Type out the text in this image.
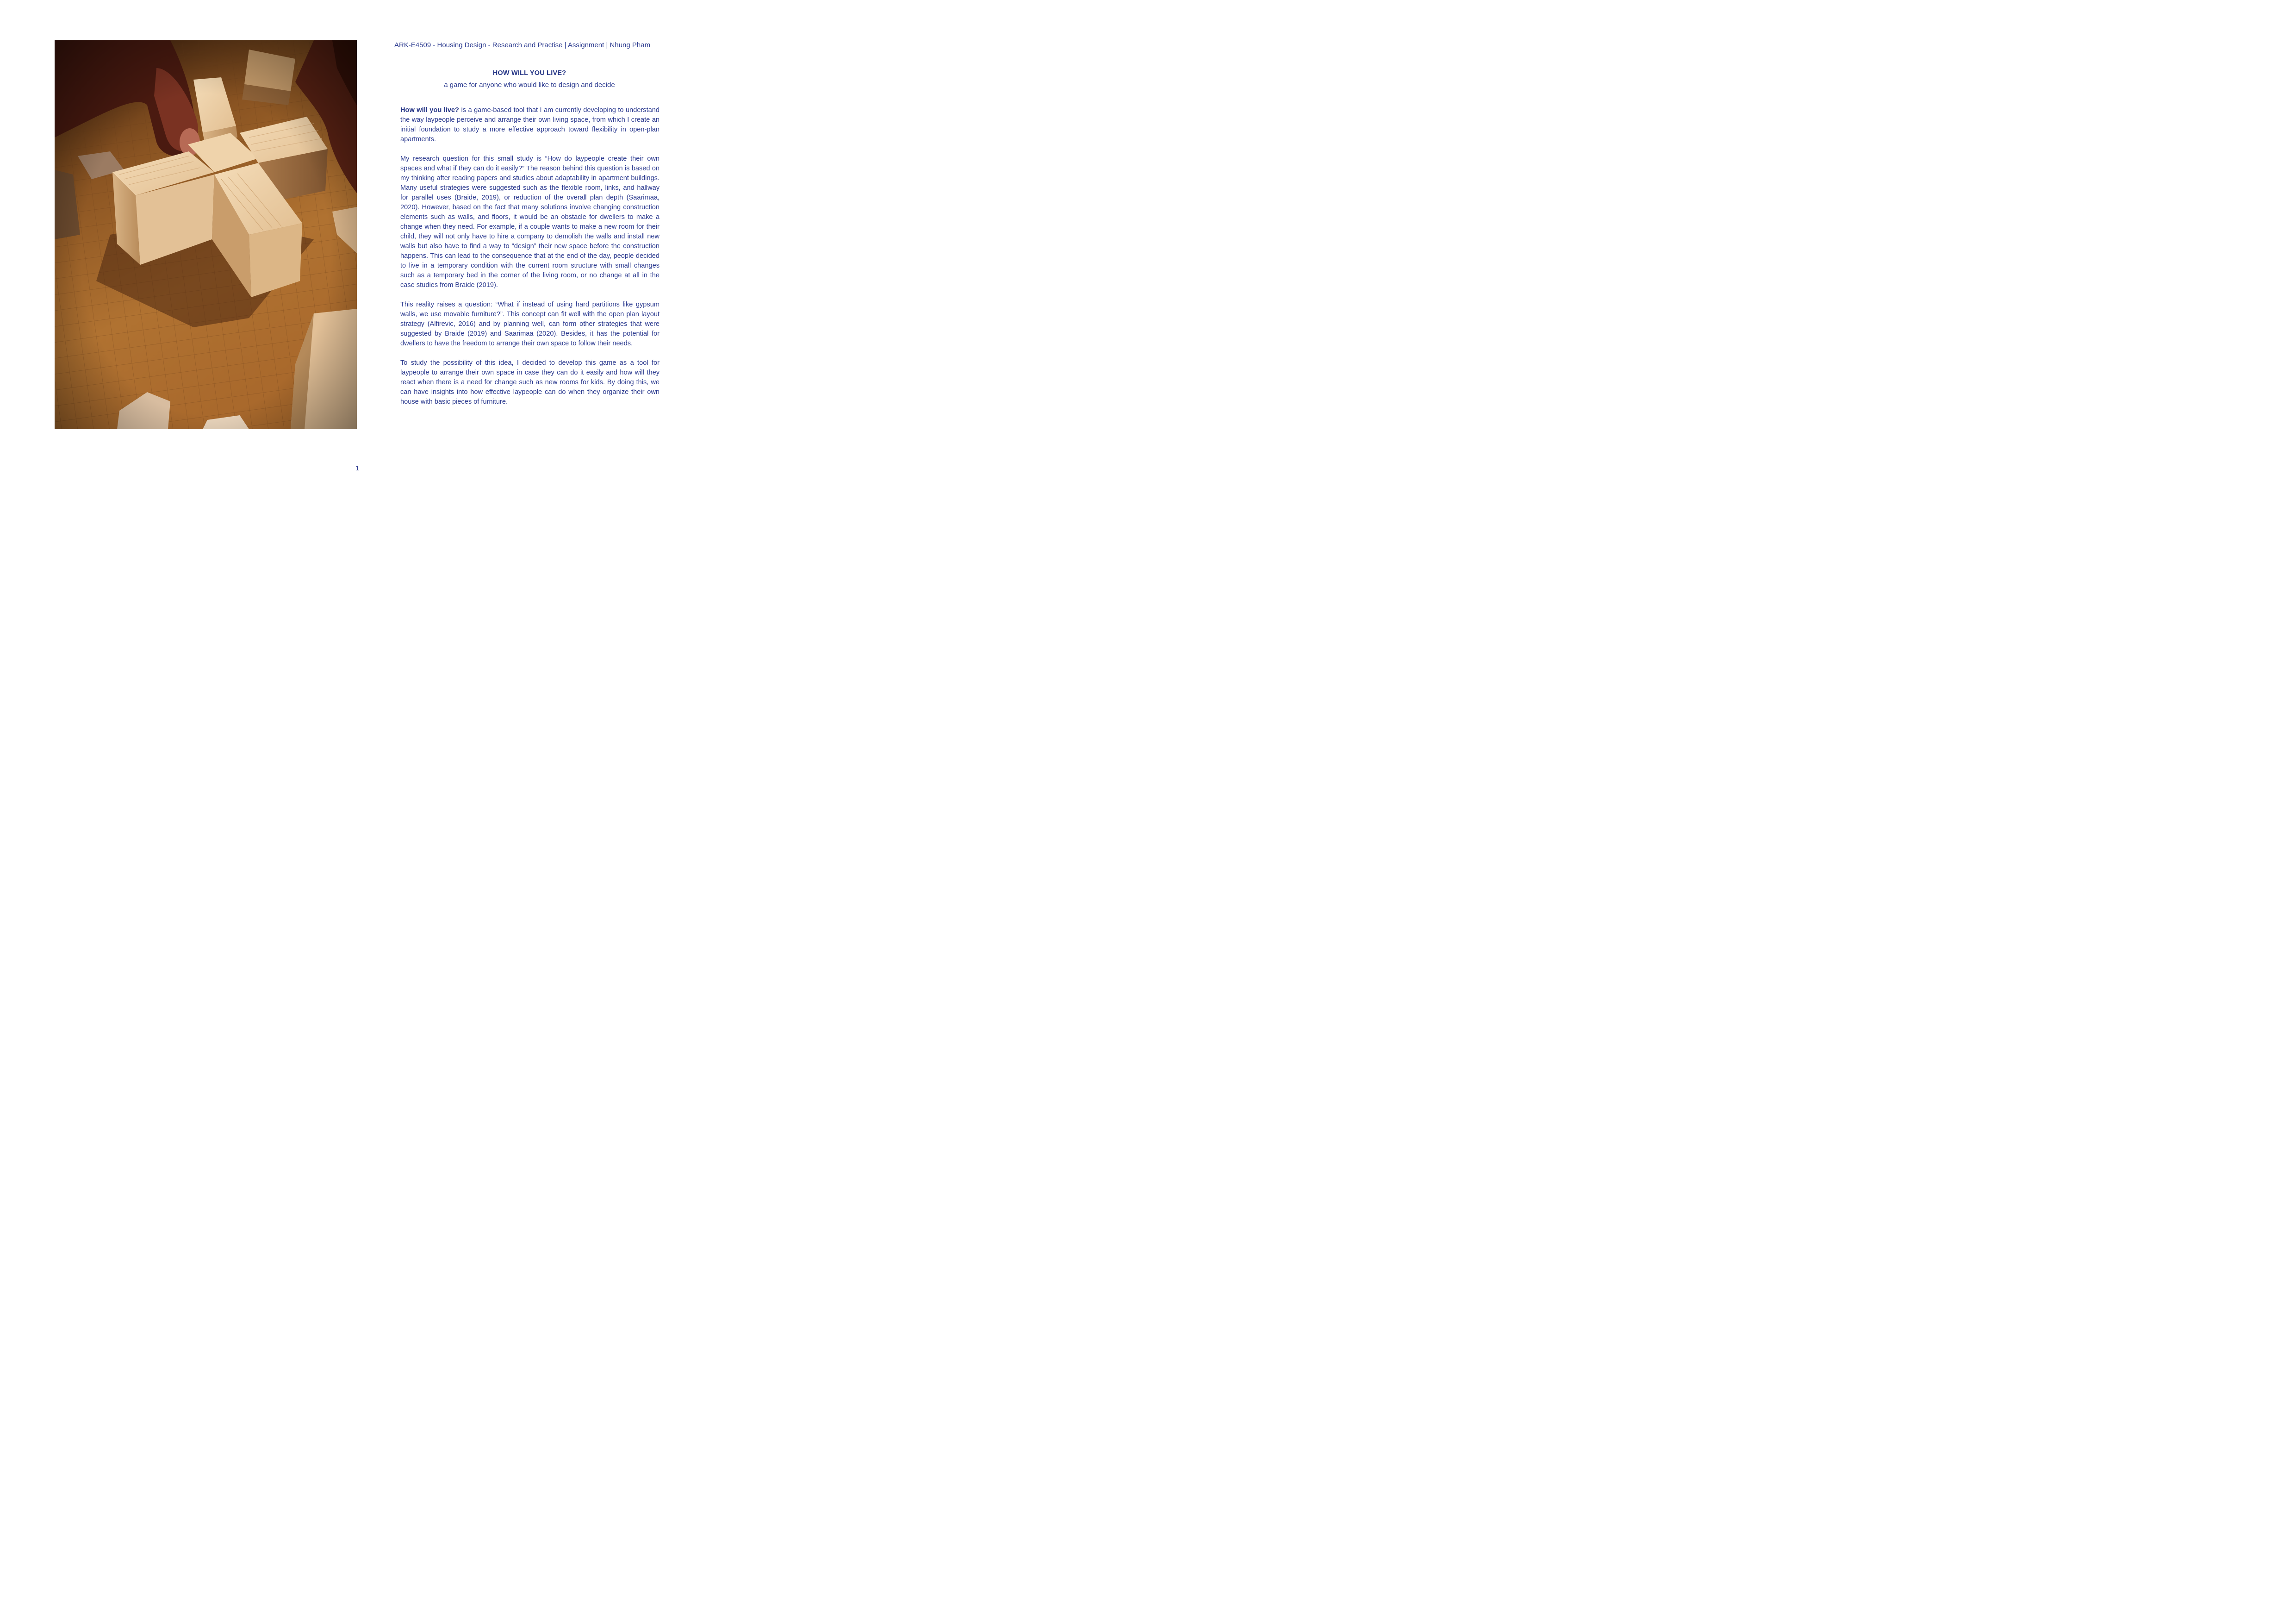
ARK-E4509 - Housing Design - Research and Practise | Assignment | Nhung Pham
HOW WILL YOU LIVE?
a game for anyone who would like to design and decide

How will you live? is a game-based tool that I am currently developing to understand the way laypeople perceive and arrange their own living space, from which I create an initial foundation to study a more effective approach toward flexibility in open-plan apartments.

My research question for this small study is “How do laypeople create their own spaces and what if they can do it easily?” The reason behind this question is based on my thinking after reading papers and studies about adaptability in apartment buildings. Many useful strategies were suggested such as the flexible room, links, and hallway for parallel uses (Braide, 2019), or reduction of the overall plan depth (Saarimaa, 2020). However, based on the fact that many solutions involve changing construction elements such as walls, and floors, it would be an obstacle for dwellers to make a change when they need. For example, if a couple wants to make a new room for their child, they will not only have to hire a company to demolish the walls and install new walls but also have to find a way to “design” their new space before the construction happens. This can lead to the consequence that at the end of the day, people decided to live in a temporary condition with the current room structure with small changes such as a temporary bed in the corner of the living room, or no change at all in the case studies from Braide (2019).

This reality raises a question: “What if instead of using hard partitions like gypsum walls, we use movable furniture?”. This concept can fit well with the open plan layout strategy (Alfirevic, 2016) and by planning well, can form other strategies that were suggested by Braide (2019) and Saarimaa (2020). Besides, it has the potential for dwellers to have the freedom to arrange their own space to follow their needs.

To study the possibility of this idea, I decided to develop this game as a tool for laypeople to arrange their own space in case they can do it easily and how will they react when there is a need for change such as new rooms for kids. By doing this, we can have insights into how effective laypeople can do when they organize their own house with basic pieces of furniture.

1
